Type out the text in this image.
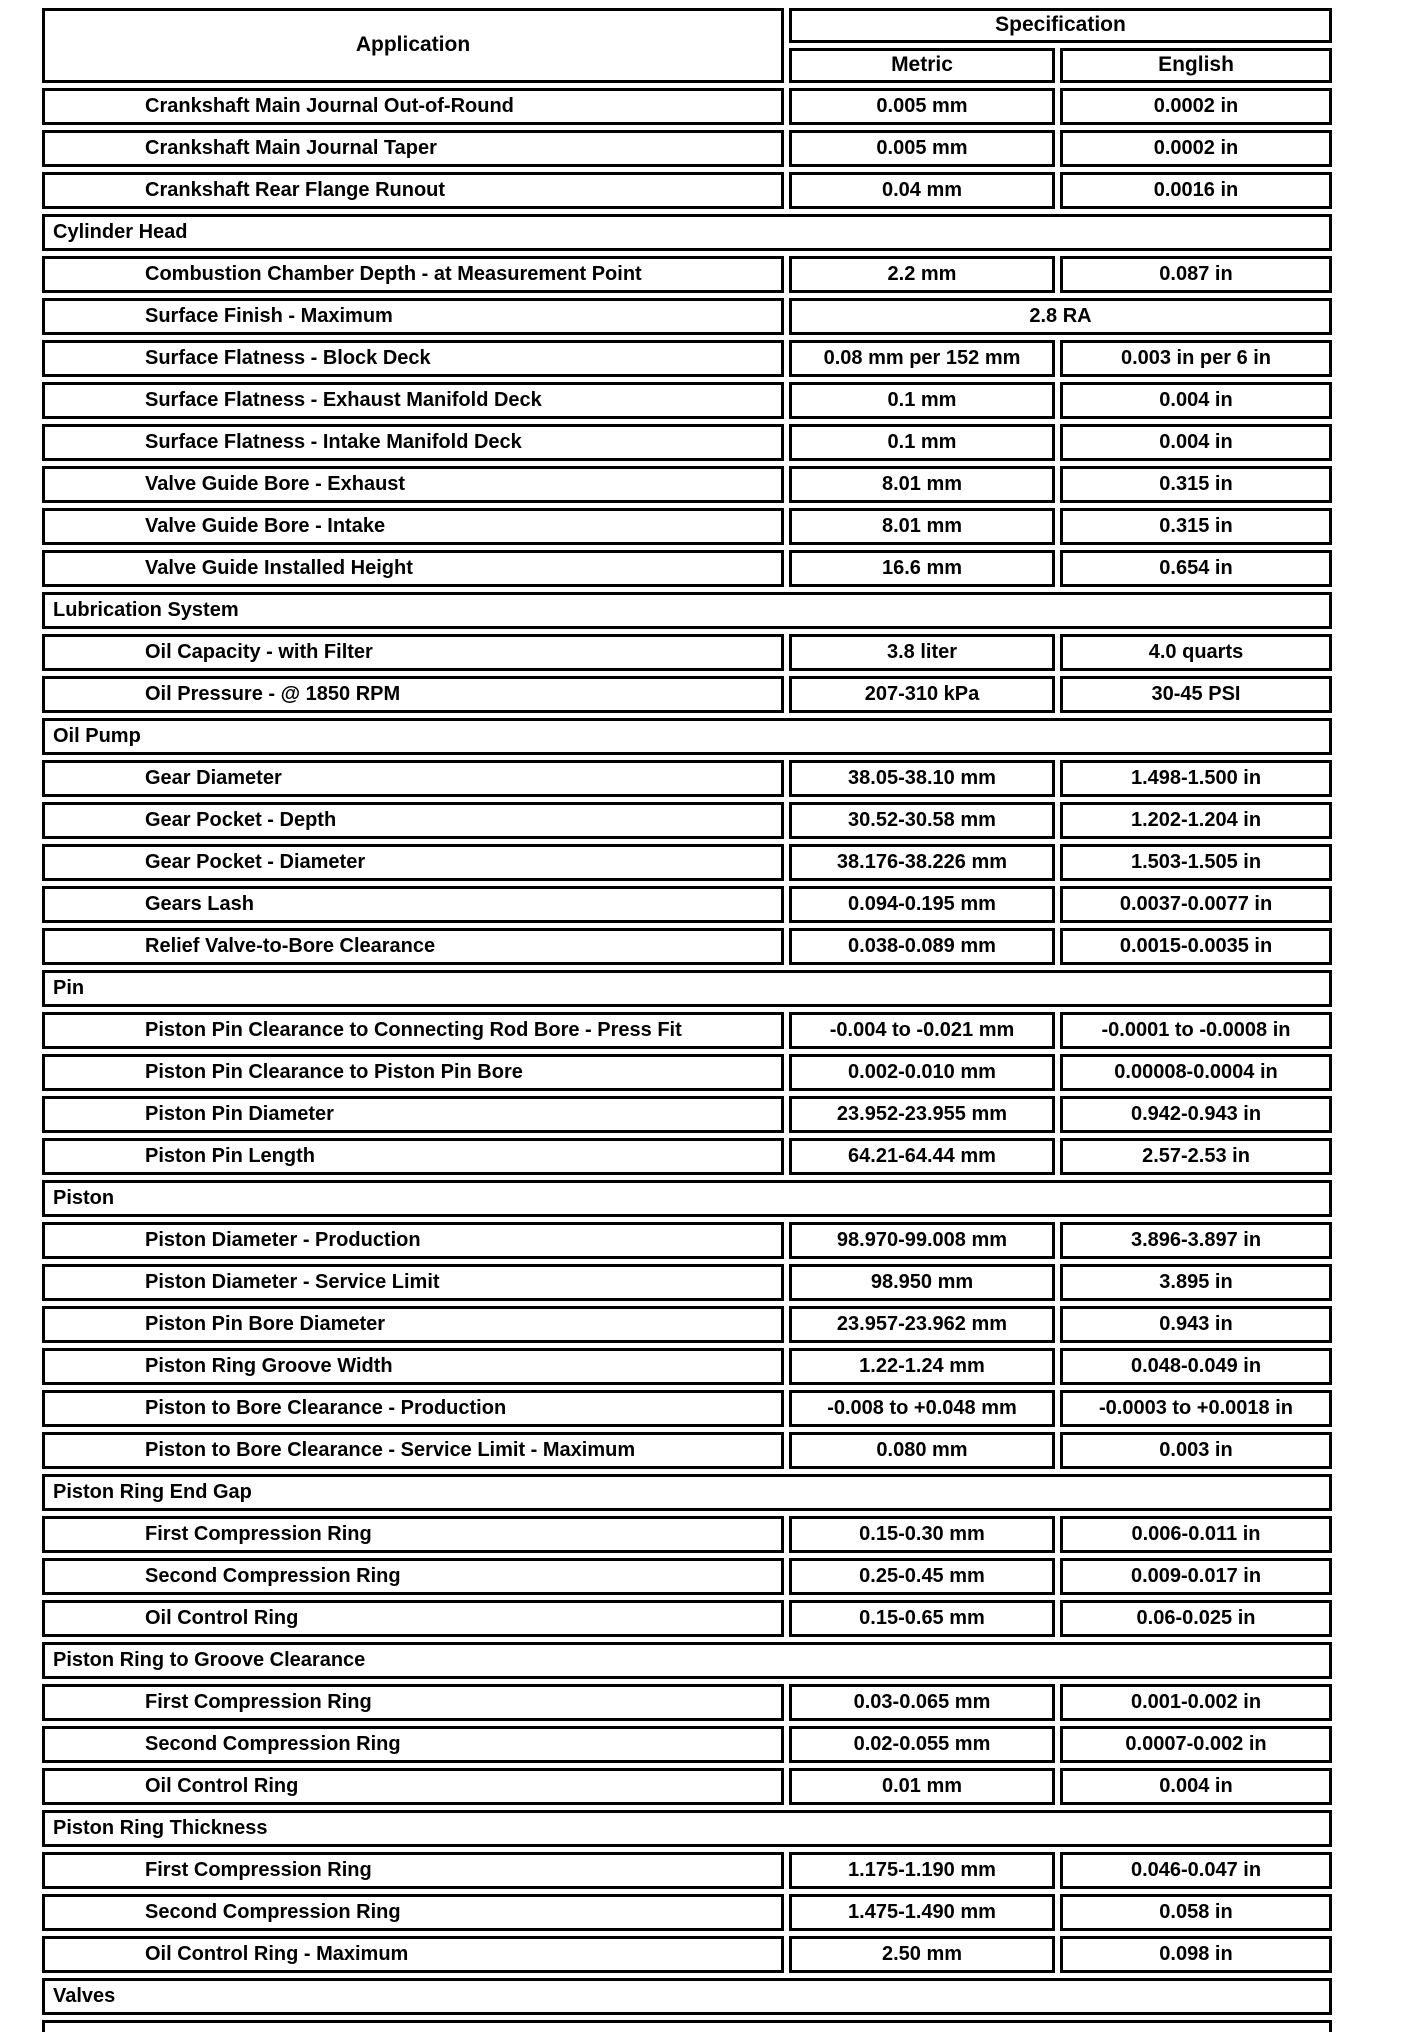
Application
Specification
Metric	English
Crankshaft Main Journal Out-of-Round	0.005 mm	0.0002 in
Crankshaft Main Journal Taper	0.005 mm	0.0002 in
Crankshaft Rear Flange Runout	0.04 mm	0.0016 in
Cylinder Head
Combustion Chamber Depth - at Measurement Point	2.2 mm	0.087 in
Surface Finish - Maximum	2.8 RA
Surface Flatness - Block Deck	0.08 mm per 152 mm	0.003 in per 6 in
Surface Flatness - Exhaust Manifold Deck	0.1 mm	0.004 in
Surface Flatness - Intake Manifold Deck	0.1 mm	0.004 in
Valve Guide Bore - Exhaust	8.01 mm	0.315 in
Valve Guide Bore - Intake	8.01 mm	0.315 in
Valve Guide Installed Height	16.6 mm	0.654 in
Lubrication System
Oil Capacity - with Filter	3.8 liter	4.0 quarts
Oil Pressure - @ 1850 RPM	207-310 kPa	30-45 PSI
Oil Pump
Gear Diameter	38.05-38.10 mm	1.498-1.500 in
Gear Pocket - Depth	30.52-30.58 mm	1.202-1.204 in
Gear Pocket - Diameter	38.176-38.226 mm	1.503-1.505 in
Gears Lash	0.094-0.195 mm	0.0037-0.0077 in
Relief Valve-to-Bore Clearance	0.038-0.089 mm	0.0015-0.0035 in
Pin
Piston Pin Clearance to Connecting Rod Bore - Press Fit	-0.004 to -0.021 mm	-0.0001 to -0.0008 in
Piston Pin Clearance to Piston Pin Bore	0.002-0.010 mm	0.00008-0.0004 in
Piston Pin Diameter	23.952-23.955 mm	0.942-0.943 in
Piston Pin Length	64.21-64.44 mm	2.57-2.53 in
Piston
Piston Diameter - Production	98.970-99.008 mm	3.896-3.897 in
Piston Diameter - Service Limit	98.950 mm	3.895 in
Piston Pin Bore Diameter	23.957-23.962 mm	0.943 in
Piston Ring Groove Width	1.22-1.24 mm	0.048-0.049 in
Piston to Bore Clearance - Production	-0.008 to +0.048 mm	-0.0003 to +0.0018 in
Piston to Bore Clearance - Service Limit - Maximum	0.080 mm	0.003 in
Piston Ring End Gap
First Compression Ring	0.15-0.30 mm	0.006-0.011 in
Second Compression Ring	0.25-0.45 mm	0.009-0.017 in
Oil Control Ring	0.15-0.65 mm	0.06-0.025 in
Piston Ring to Groove Clearance
First Compression Ring	0.03-0.065 mm	0.001-0.002 in
Second Compression Ring	0.02-0.055 mm	0.0007-0.002 in
Oil Control Ring	0.01 mm	0.004 in
Piston Ring Thickness
First Compression Ring	1.175-1.190 mm	0.046-0.047 in
Second Compression Ring	1.475-1.490 mm	0.058 in
Oil Control Ring - Maximum	2.50 mm	0.098 in
Valves
